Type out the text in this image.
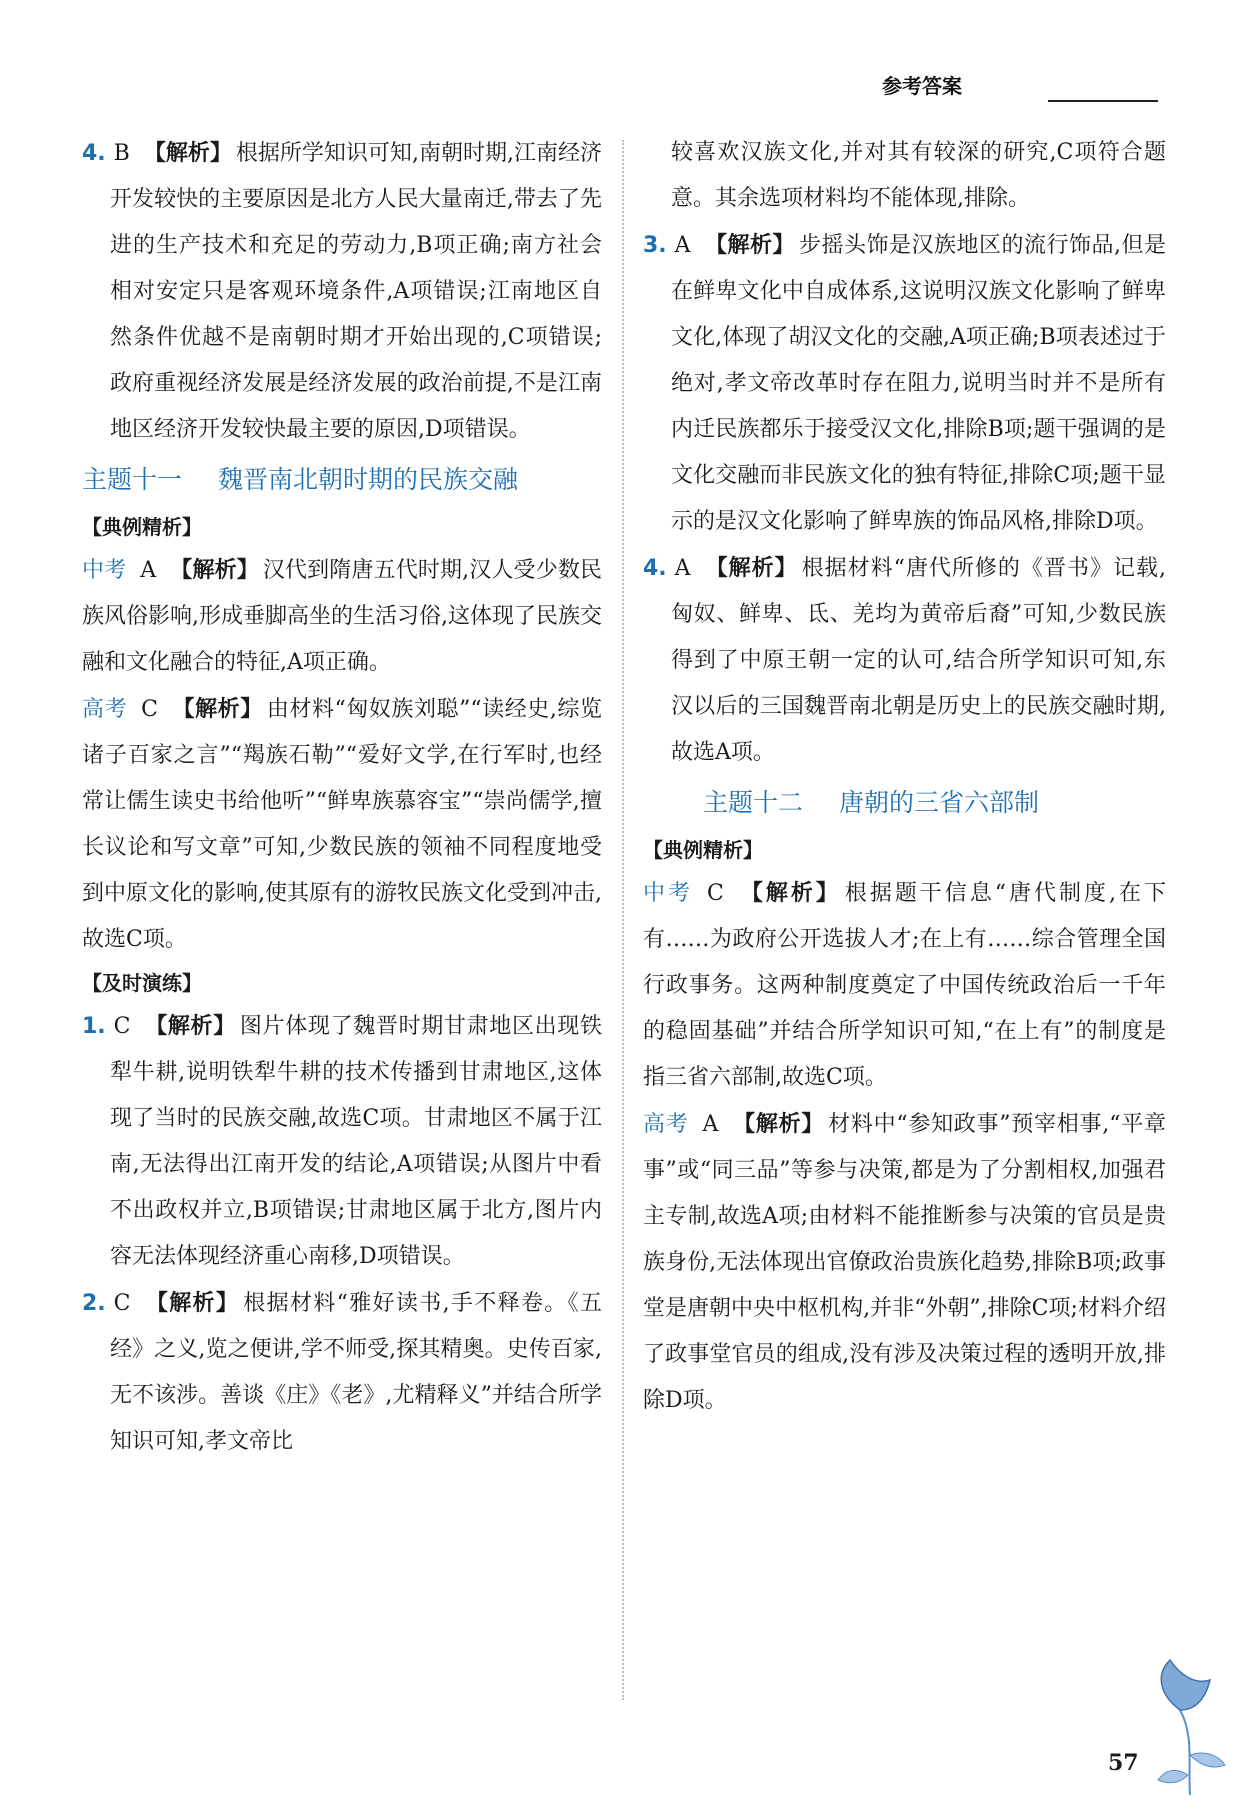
参考答案

4. B 【解析】 根据所学知识可知,南朝时期,江南经济开发较快的主要原因是北方人民大量南迁,带去了先进的生产技术和充足的劳动力,B项正确;南方社会相对安定只是客观环境条件,A项错误;江南地区自然条件优越不是南朝时期才开始出现的,C项错误;政府重视经济发展是经济发展的政治前提,不是江南地区经济开发较快最主要的原因,D项错误。

主题十一 魏晋南北朝时期的民族交融

【典例精析】

中考 A 【解析】 汉代到隋唐五代时期,汉人受少数民族风俗影响,形成垂脚高坐的生活习俗,这体现了民族交融和文化融合的特征,A项正确。

高考 C 【解析】 由材料“匈奴族刘聪”“读经史,综览诸子百家之言”“羯族石勒”“爱好文学,在行军时,也经常让儒生读史书给他听”“鲜卑族慕容宝”“崇尚儒学,擅长议论和写文章”可知,少数民族的领袖不同程度地受到中原文化的影响,使其原有的游牧民族文化受到冲击,故选C项。

【及时演练】

1. C 【解析】 图片体现了魏晋时期甘肃地区出现铁犁牛耕,说明铁犁牛耕的技术传播到甘肃地区,这体现了当时的民族交融,故选C项。甘肃地区不属于江南,无法得出江南开发的结论,A项错误;从图片中看不出政权并立,B项错误;甘肃地区属于北方,图片内容无法体现经济重心南移,D项错误。

2. C 【解析】 根据材料“雅好读书,手不释卷。《五经》之义,览之便讲,学不师受,探其精奥。史传百家,无不该涉。善谈《庄》《老》,尤精释义”并结合所学知识可知,孝文帝比

较喜欢汉族文化,并对其有较深的研究,C项符合题意。其余选项材料均不能体现,排除。

3. A 【解析】 步摇头饰是汉族地区的流行饰品,但是在鲜卑文化中自成体系,这说明汉族文化影响了鲜卑文化,体现了胡汉文化的交融,A项正确;B项表述过于绝对,孝文帝改革时存在阻力,说明当时并不是所有内迁民族都乐于接受汉文化,排除B项;题干强调的是文化交融而非民族文化的独有特征,排除C项;题干显示的是汉文化影响了鲜卑族的饰品风格,排除D项。

4. A 【解析】 根据材料“唐代所修的《晋书》记载,匈奴、鲜卑、氐、羌均为黄帝后裔”可知,少数民族得到了中原王朝一定的认可,结合所学知识可知,东汉以后的三国魏晋南北朝是历史上的民族交融时期,故选A项。

主题十二 唐朝的三省六部制

【典例精析】

中考 C 【解析】 根据题干信息“唐代制度,在下有……为政府公开选拔人才;在上有……综合管理全国行政事务。这两种制度奠定了中国传统政治后一千年的稳固基础”并结合所学知识可知,“在上有”的制度是指三省六部制,故选C项。

高考 A 【解析】 材料中“参知政事”预宰相事,“平章事”或“同三品”等参与决策,都是为了分割相权,加强君主专制,故选A项;由材料不能推断参与决策的官员是贵族身份,无法体现出官僚政治贵族化趋势,排除B项;政事堂是唐朝中央中枢机构,并非“外朝”,排除C项;材料介绍了政事堂官员的组成,没有涉及决策过程的透明开放,排除D项。

57
